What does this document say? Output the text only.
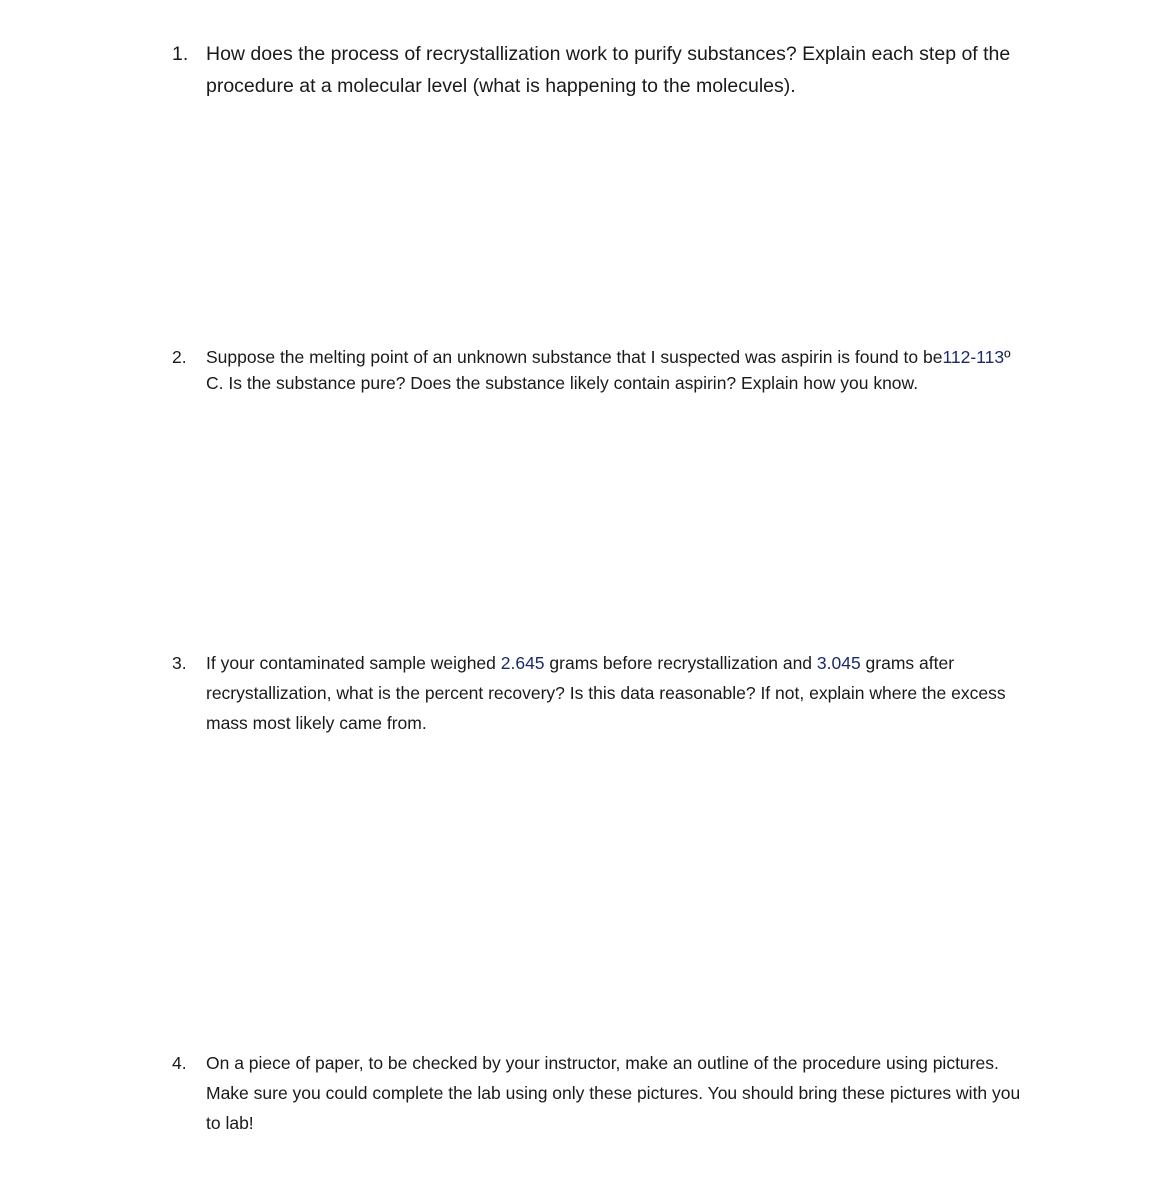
1. How does the process of recrystallization work to purify substances? Explain each step of the procedure at a molecular level (what is happening to the molecules).
2.	Suppose the melting point of an unknown substance that I suspected was aspirin is found to be112-113º C. Is the substance pure? Does the substance likely contain aspirin? Explain how you know.
3.	If your contaminated sample weighed 2.645 grams before recrystallization and 3.045 grams after recrystallization, what is the percent recovery? Is this data reasonable? If not, explain where the excess mass most likely came from.
4.	On a piece of paper, to be checked by your instructor, make an outline of the procedure using pictures. Make sure you could complete the lab using only these pictures. You should bring these pictures with you to lab!
